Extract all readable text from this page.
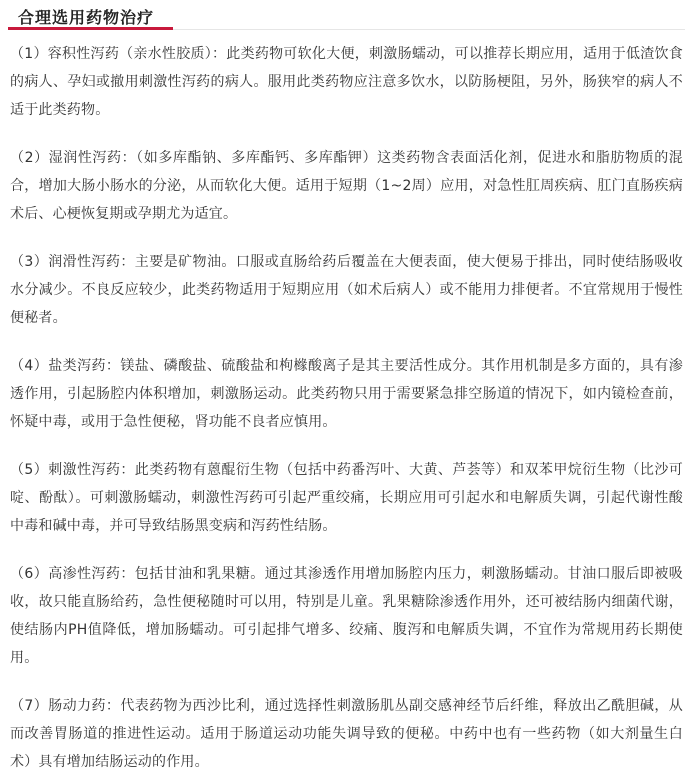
合理选用药物治疗

（1）容积性泻药（亲水性胶质）：此类药物可软化大便，刺激肠蠕动，可以推荐长期应用，适用于低渣饮食的病人、孕妇或撤用刺激性泻药的病人。服用此类药物应注意多饮水，以防肠梗阻，另外，肠狭窄的病人不适于此类药物。

（2）湿润性泻药：（如多库酯钠、多库酯钙、多库酯钾）这类药物含表面活化剂，促进水和脂肪物质的混合，增加大肠小肠水的分泌，从而软化大便。适用于短期（1~2周）应用，对急性肛周疾病、肛门直肠疾病术后、心梗恢复期或孕期尤为适宜。

（3）润滑性泻药：主要是矿物油。口服或直肠给药后覆盖在大便表面，使大便易于排出，同时使结肠吸收水分减少。不良反应较少，此类药物适用于短期应用（如术后病人）或不能用力排便者。不宜常规用于慢性便秘者。

（4）盐类泻药：镁盐、磷酸盐、硫酸盐和枸橼酸离子是其主要活性成分。其作用机制是多方面的，具有渗透作用，引起肠腔内体积增加，刺激肠运动。此类药物只用于需要紧急排空肠道的情况下，如内镜检查前，怀疑中毒，或用于急性便秘，肾功能不良者应慎用。

（5）刺激性泻药：此类药物有蒽醌衍生物（包括中药番泻叶、大黄、芦荟等）和双苯甲烷衍生物（比沙可啶、酚酞）。可刺激肠蠕动，刺激性泻药可引起严重绞痛，长期应用可引起水和电解质失调，引起代谢性酸中毒和碱中毒，并可导致结肠黑变病和泻药性结肠。

（6）高渗性泻药：包括甘油和乳果糖。通过其渗透作用增加肠腔内压力，刺激肠蠕动。甘油口服后即被吸收，故只能直肠给药，急性便秘随时可以用，特别是儿童。乳果糖除渗透作用外，还可被结肠内细菌代谢，使结肠内PH值降低，增加肠蠕动。可引起排气增多、绞痛、腹泻和电解质失调，不宜作为常规用药长期使用。

（7）肠动力药：代表药物为西沙比利，通过选择性刺激肠肌丛副交感神经节后纤维，释放出乙酰胆碱，从而改善胃肠道的推进性运动。适用于肠道运动功能失调导致的便秘。中药中也有一些药物（如大剂量生白术）具有增加结肠运动的作用。
